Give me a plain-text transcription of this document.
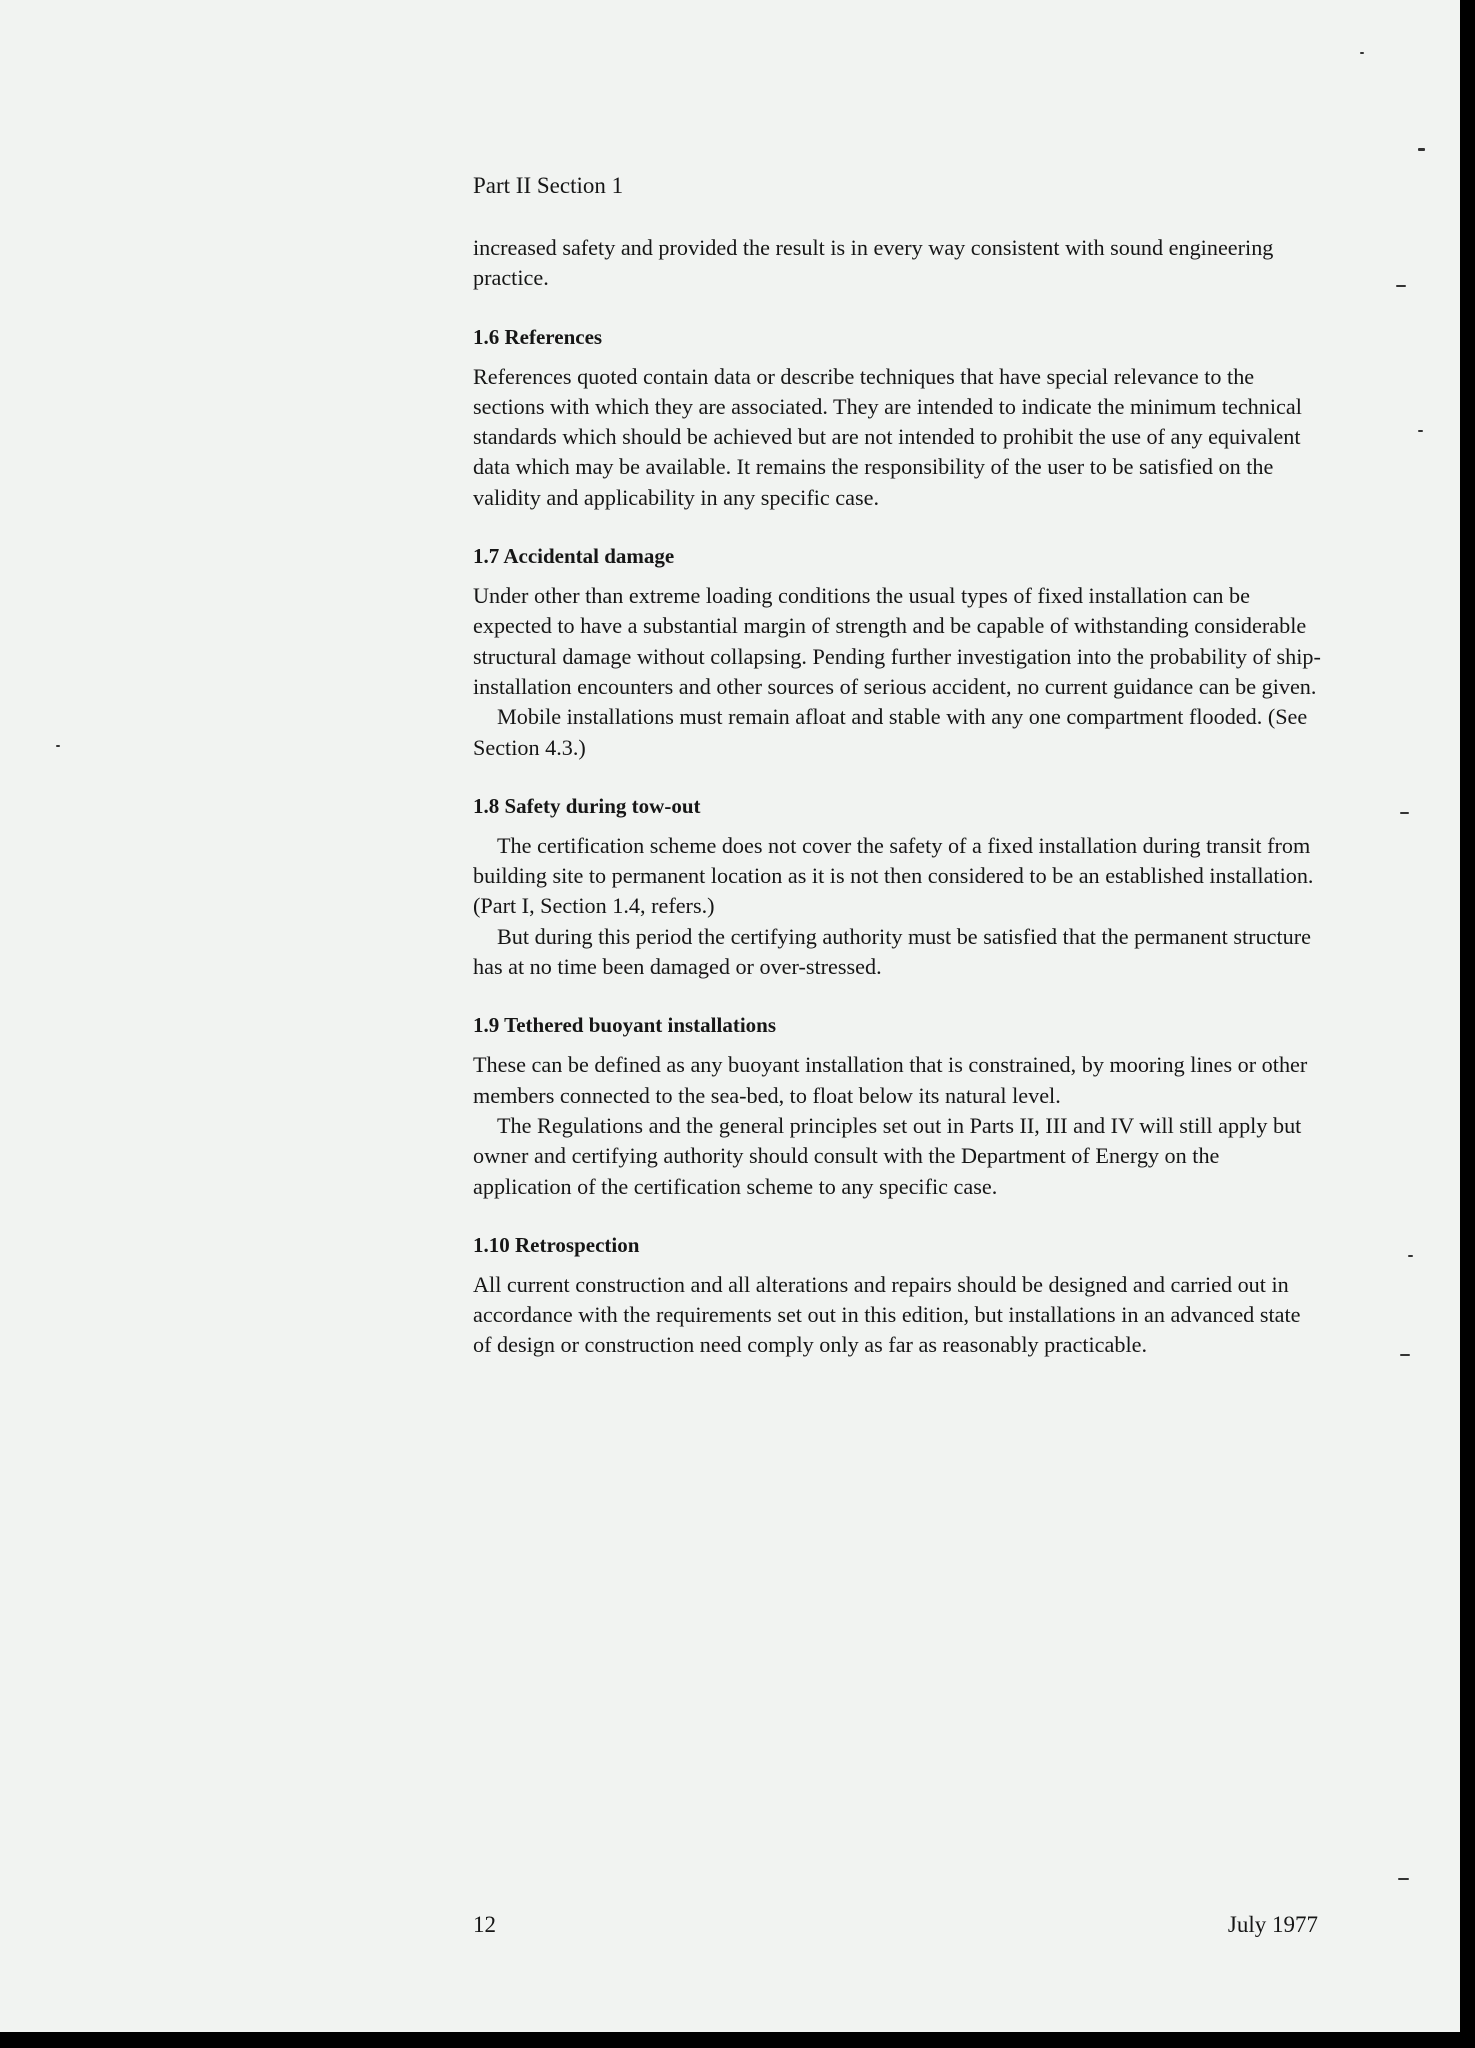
Part II Section 1

increased safety and provided the result is in every way consistent with sound engineering practice.

1.6 References

References quoted contain data or describe techniques that have special relevance to the sections with which they are associated. They are intended to indicate the minimum technical standards which should be achieved but are not intended to prohibit the use of any equivalent data which may be available. It remains the responsibility of the user to be satisfied on the validity and applicability in any specific case.

1.7 Accidental damage

Under other than extreme loading conditions the usual types of fixed installation can be expected to have a substantial margin of strength and be capable of withstanding considerable structural damage without collapsing. Pending further investigation into the probability of ship-installation encounters and other sources of serious accident, no current guidance can be given.

Mobile installations must remain afloat and stable with any one compartment flooded. (See Section 4.3.)

1.8 Safety during tow-out

The certification scheme does not cover the safety of a fixed installation during transit from building site to permanent location as it is not then considered to be an established installation. (Part I, Section 1.4, refers.)

But during this period the certifying authority must be satisfied that the permanent structure has at no time been damaged or over-stressed.

1.9 Tethered buoyant installations

These can be defined as any buoyant installation that is constrained, by mooring lines or other members connected to the sea-bed, to float below its natural level.

The Regulations and the general principles set out in Parts II, III and IV will still apply but owner and certifying authority should consult with the Department of Energy on the application of the certification scheme to any specific case.

1.10 Retrospection

All current construction and all alterations and repairs should be designed and carried out in accordance with the requirements set out in this edition, but installations in an advanced state of design or construction need comply only as far as reasonably practicable.

12	July 1977
